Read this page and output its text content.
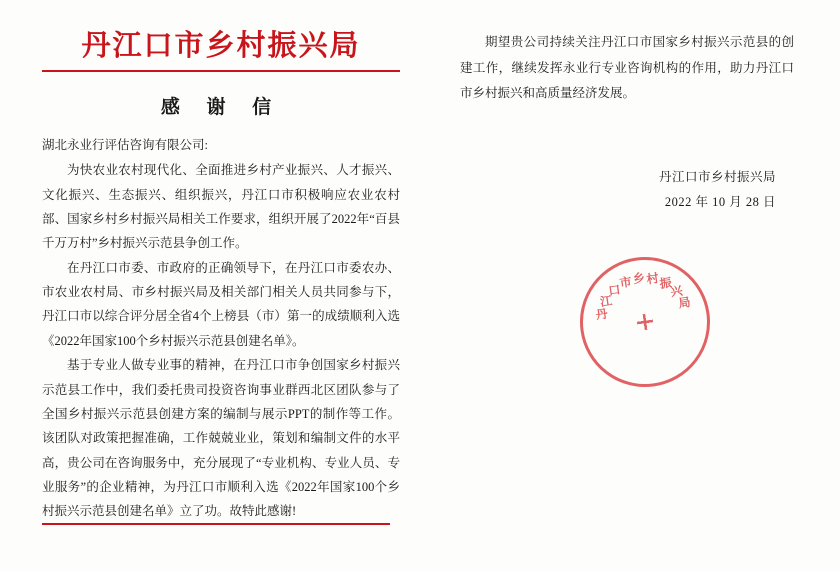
丹江口市乡村振兴局
感 谢 信
湖北永业行评估咨询有限公司:

为快农业农村现代化、全面推进乡村产业振兴、人才振兴、文化振兴、生态振兴、组织振兴，丹江口市积极响应农业农村部、国家乡村乡村振兴局相关工作要求，组织开展了2022年“百县千万万村”乡村振兴示范县争创工作。

在丹江口市委、市政府的正确领导下，在丹江口市委农办、市农业农村局、市乡村振兴局及相关部门相关人员共同参与下，丹江口市以综合评分居全省4个上榜县（市）第一的成绩顺利入选《2022年国家100个乡村振兴示范县创建名单》。

基于专业人做专业事的精神，在丹江口市争创国家乡村振兴示范县工作中，我们委托贵司投资咨询事业群西北区团队参与了全国乡村振兴示范县创建方案的编制与展示PPT的制作等工作。该团队对政策把握准确，工作兢兢业业，策划和编制文件的水平高，贵公司在咨询服务中，充分展现了“专业机构、专业人员、专业服务”的企业精神，为丹江口市顺利入选《2022年国家100个乡村振兴示范县创建名单》立了功。故特此感谢!

期望贵公司持续关注丹江口市国家乡村振兴示范县的创建工作，继续发挥永业行专业咨询机构的作用，助力丹江口市乡村振兴和高质量经济发展。

丹
江
口
市 乡 村 振
兴
局
丹江口市乡村振兴局
2022 年 10 月 28 日
